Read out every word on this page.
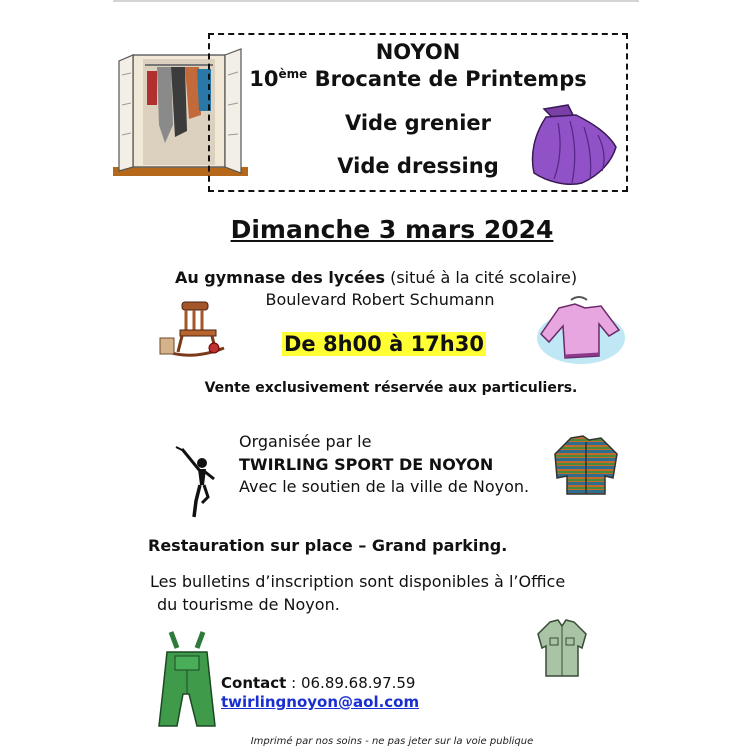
NOYON
10ème Brocante de Printemps
Vide grenier
Vide dressing
Dimanche 3 mars 2024
Au gymnase des lycées (situé à la cité scolaire)
Boulevard Robert Schumann
De 8h00 à 17h30
Vente exclusivement réservée aux particuliers.
Organisée par le
TWIRLING SPORT DE NOYON
Avec le soutien de la ville de Noyon.
Restauration sur place – Grand parking.
Les bulletins d’inscription sont disponibles à l’Office
du tourisme de Noyon.
Contact : 06.89.68.97.59
twirlingnoyon@aol.com
Imprimé par nos soins - ne pas jeter sur la voie publique
